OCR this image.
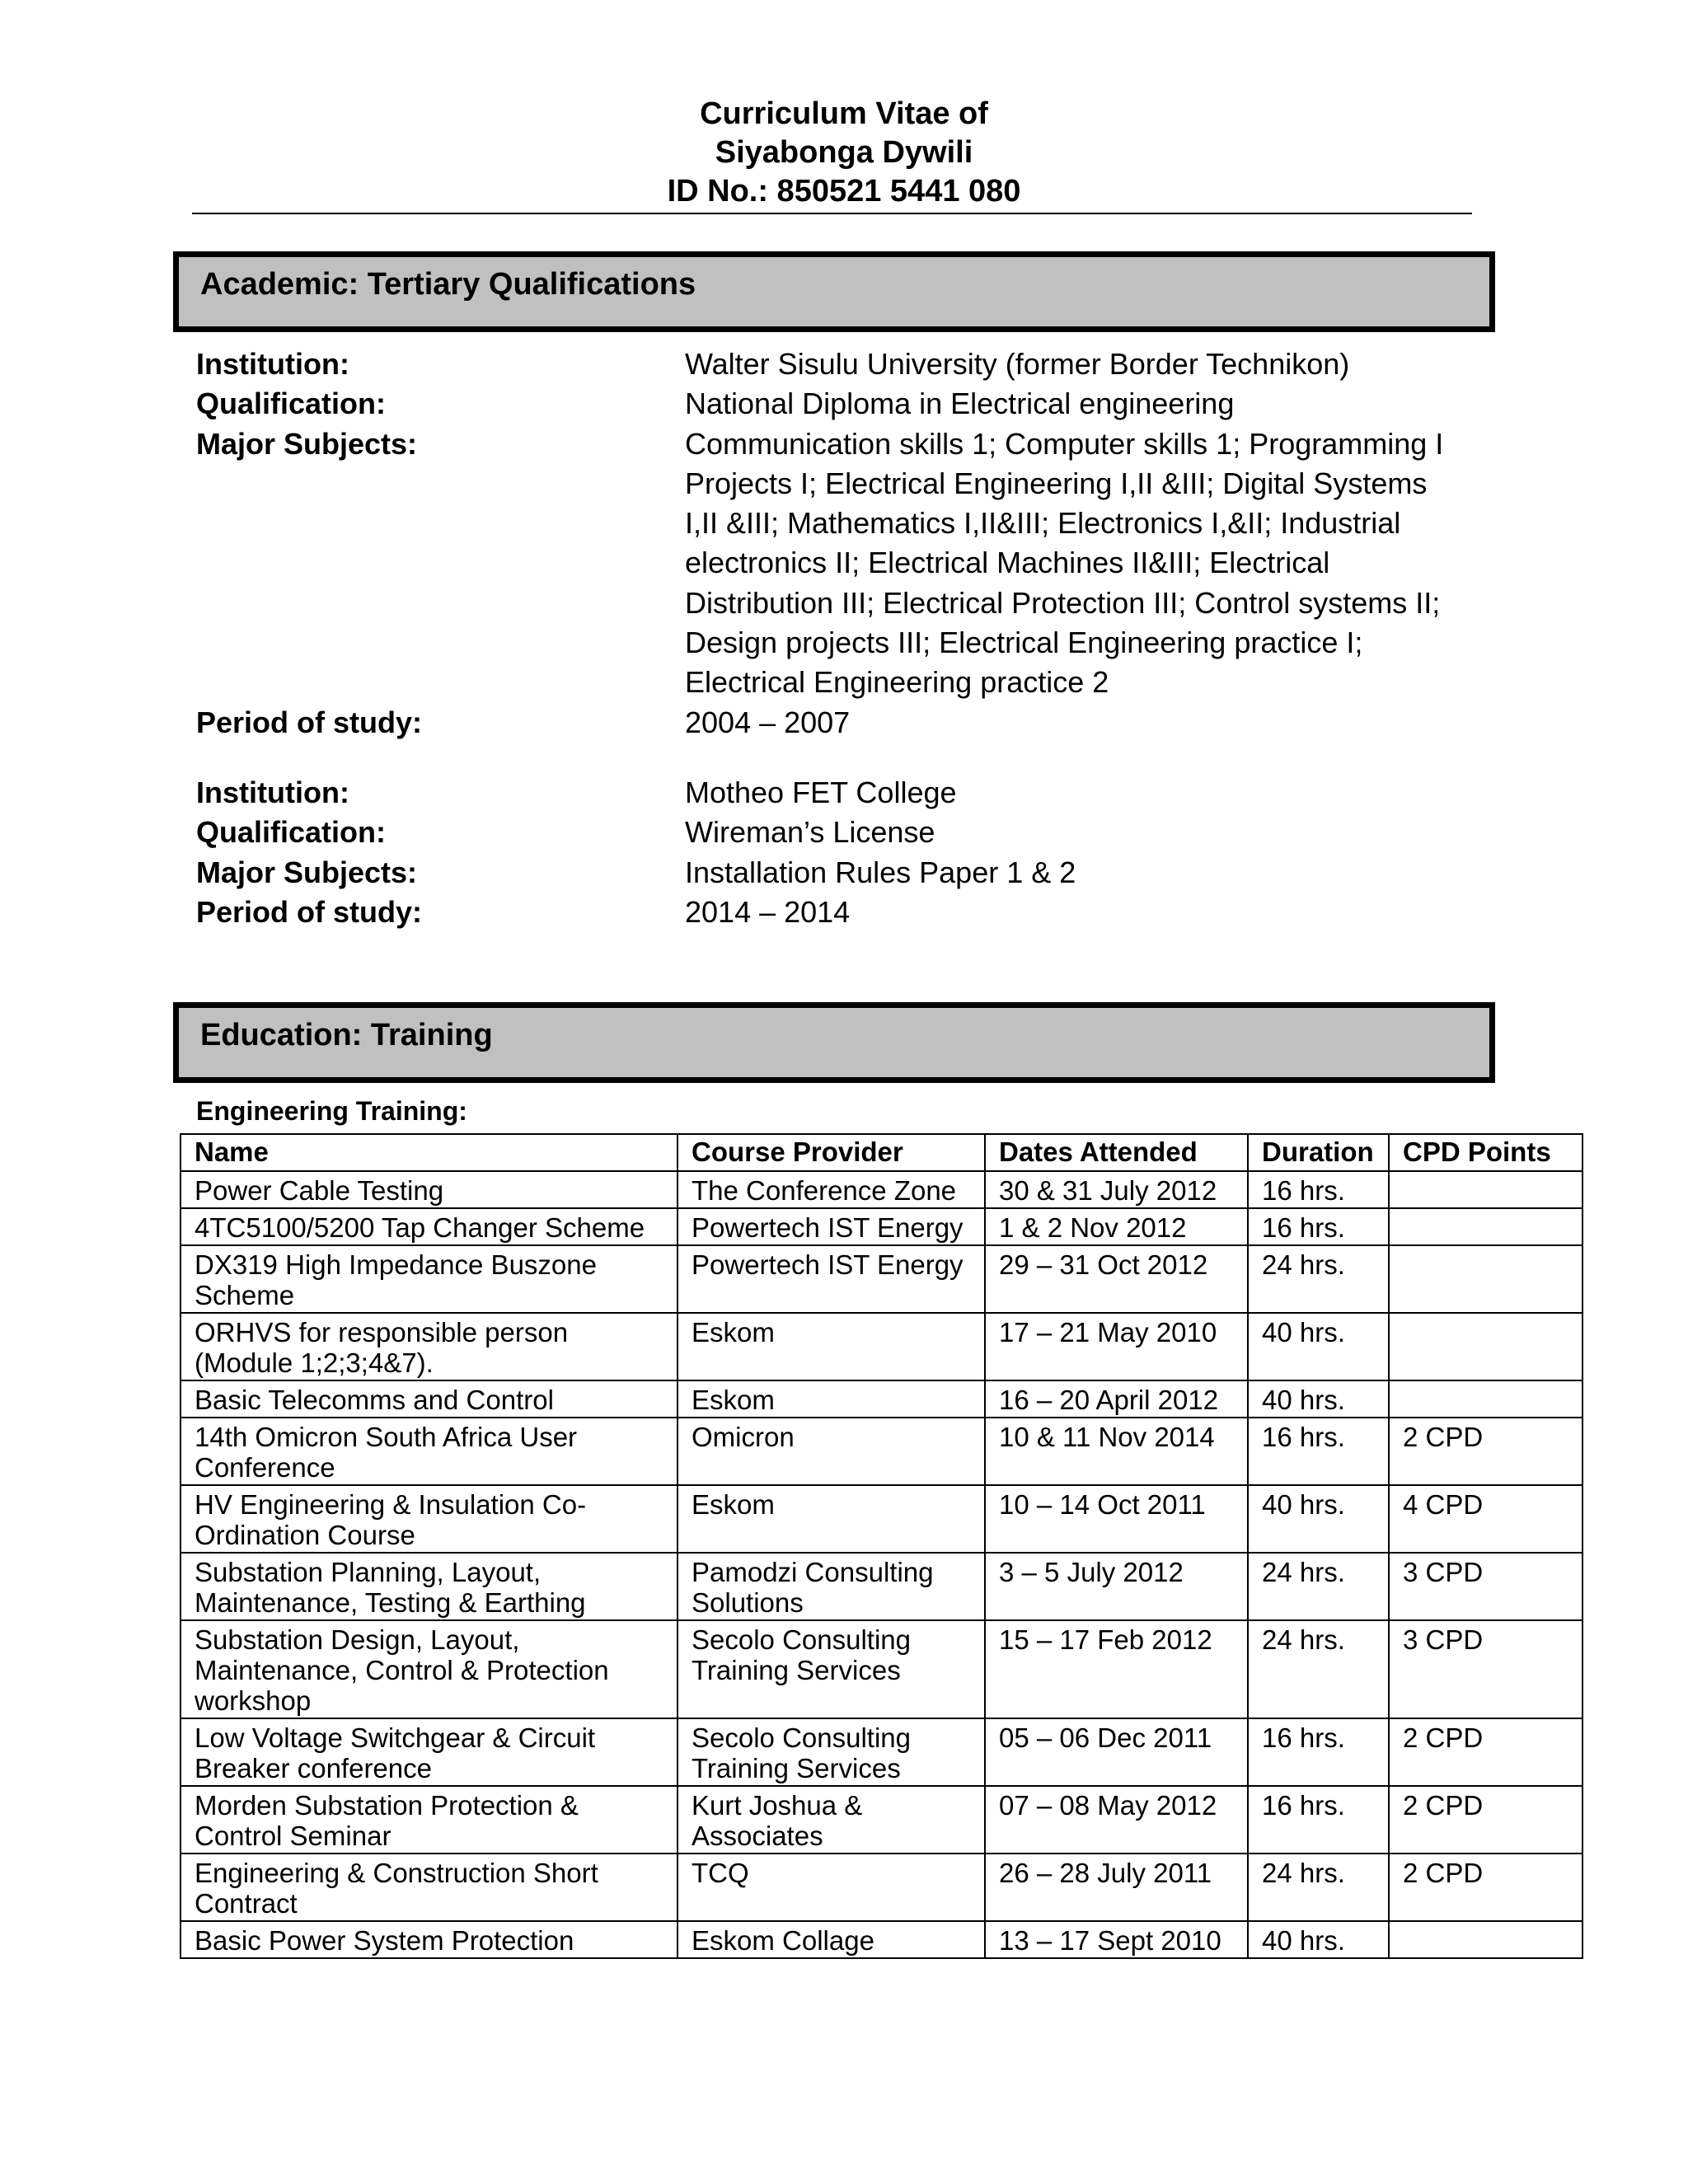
Curriculum Vitae of
Siyabonga Dywili
ID No.: 850521 5441 080
Academic: Tertiary Qualifications
Institution:	Walter Sisulu University (former Border Technikon)
Qualification:	National Diploma in Electrical engineering
Major Subjects:	Communication skills 1; Computer skills 1; Programming I
Projects I; Electrical Engineering I,II &III; Digital Systems
I,II &III; Mathematics I,II&III; Electronics I,&II; Industrial
electronics II; Electrical Machines II&III; Electrical
Distribution III; Electrical Protection III; Control systems II;
Design projects III; Electrical Engineering practice I;
Electrical Engineering practice 2
Period of study:	2004 – 2007
Institution:	Motheo FET College
Qualification:	Wireman’s License
Major Subjects:	Installation Rules Paper 1 & 2
Period of study:	2014 – 2014
Education: Training
Engineering Training:
Name	Course Provider	Dates Attended	Duration	CPD Points
Power Cable Testing	The Conference Zone	30 & 31 July 2012	16 hrs.	
4TC5100/5200 Tap Changer Scheme	Powertech IST Energy	1 & 2 Nov 2012	16 hrs.	
DX319 High Impedance Buszone Scheme	Powertech IST Energy	29 – 31 Oct 2012	24 hrs.	
ORHVS for responsible person (Module 1;2;3;4&7).	Eskom	17 – 21 May 2010	40 hrs.	
Basic Telecomms and Control	Eskom	16 – 20 April 2012	40 hrs.	
14th Omicron South Africa User Conference	Omicron	10 & 11 Nov 2014	16 hrs.	2 CPD
HV Engineering & Insulation Co-Ordination Course	Eskom	10 – 14 Oct 2011	40 hrs.	4 CPD
Substation Planning, Layout, Maintenance, Testing & Earthing	Pamodzi Consulting Solutions	3 – 5 July 2012	24 hrs.	3 CPD
Substation Design, Layout, Maintenance, Control & Protection workshop	Secolo Consulting Training Services	15 – 17 Feb 2012	24 hrs.	3 CPD
Low Voltage Switchgear & Circuit Breaker conference	Secolo Consulting Training Services	05 – 06 Dec 2011	16 hrs.	2 CPD
Morden Substation Protection & Control Seminar	Kurt Joshua & Associates	07 – 08 May 2012	16 hrs.	2 CPD
Engineering & Construction Short Contract	TCQ	26 – 28 July 2011	24 hrs.	2 CPD
Basic Power System Protection	Eskom Collage	13 – 17 Sept 2010	40 hrs.	
